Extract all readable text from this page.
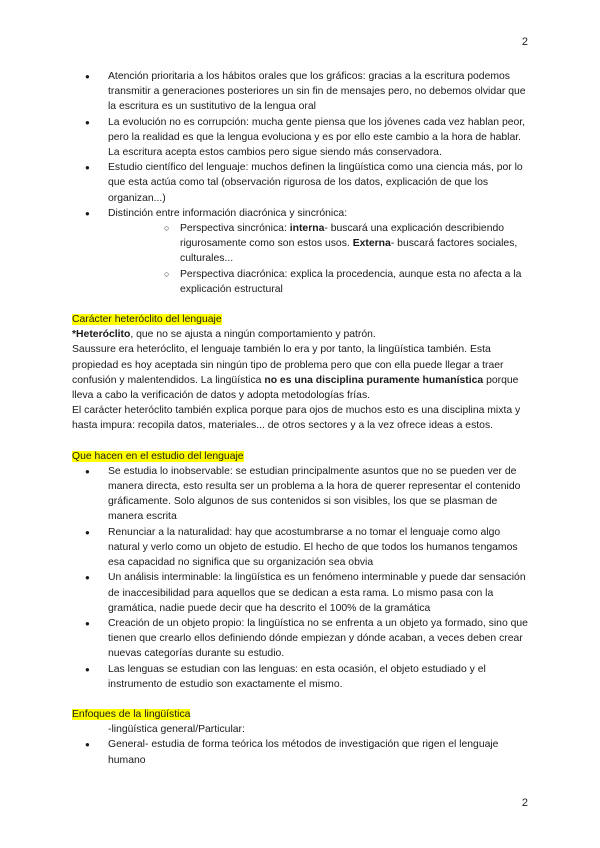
2
● Atención prioritaria a los hábitos orales que los gráficos: gracias a la escritura podemos transmitir a generaciones posteriores un sin fin de mensajes pero, no debemos olvidar que la escritura es un sustitutivo de la lengua oral
● La evolución no es corrupción: mucha gente piensa que los jóvenes cada vez hablan peor, pero la realidad es que la lengua evoluciona y es por ello este cambio a la hora de hablar. La escritura acepta estos cambios pero sigue siendo más conservadora.
● Estudio científico del lenguaje: muchos definen la lingüística como una ciencia más, por lo que esta actúa como tal (observación rigurosa de los datos, explicación de que los organizan...)
● Distinción entre información diacrónica y sincrónica:
○ Perspectiva sincrónica: interna- buscará una explicación describiendo rigurosamente como son estos usos. Externa- buscará factores sociales, culturales...
○ Perspectiva diacrónica: explica la procedencia, aunque esta no afecta a la explicación estructural
Carácter heteróclito del lenguaje

*Heteróclito, que no se ajusta a ningún comportamiento y patrón.

Saussure era heteróclito, el lenguaje también lo era y por tanto, la lingüística también. Esta propiedad es hoy aceptada sin ningún tipo de problema pero que con ella puede llegar a traer confusión y malentendidos. La lingüística no es una disciplina puramente humanística porque lleva a cabo la verificación de datos y adopta metodologías frías.

El carácter heteróclito también explica porque para ojos de muchos esto es una disciplina mixta y hasta impura: recopila datos, materiales... de otros sectores y a la vez ofrece ideas a estos.

Que hacen en el estudio del lenguaje
● Se estudia lo inobservable: se estudian principalmente asuntos que no se pueden ver de manera directa, esto resulta ser un problema a la hora de querer representar el contenido gráficamente. Solo algunos de sus contenidos si son visibles, los que se plasman de manera escrita
● Renunciar a la naturalidad: hay que acostumbrarse a no tomar el lenguaje como algo natural y verlo como un objeto de estudio. El hecho de que todos los humanos tengamos esa capacidad no significa que su organización sea obvia
● Un análisis interminable: la lingüística es un fenómeno interminable y puede dar sensación de inaccesibilidad para aquellos que se dedican a esta rama. Lo mismo pasa con la gramática, nadie puede decir que ha descrito el 100% de la gramática
● Creación de un objeto propio: la lingüística no se enfrenta a un objeto ya formado, sino que tienen que crearlo ellos definiendo dónde empiezan y dónde acaban, a veces deben crear nuevas categorías durante su estudio.
● Las lenguas se estudian con las lenguas: en esta ocasión, el objeto estudiado y el instrumento de estudio son exactamente el mismo.
Enfoques de la lingüística

-lingüística general/Particular:

● General- estudia de forma teórica los métodos de investigación que rigen el lenguaje humano
2
